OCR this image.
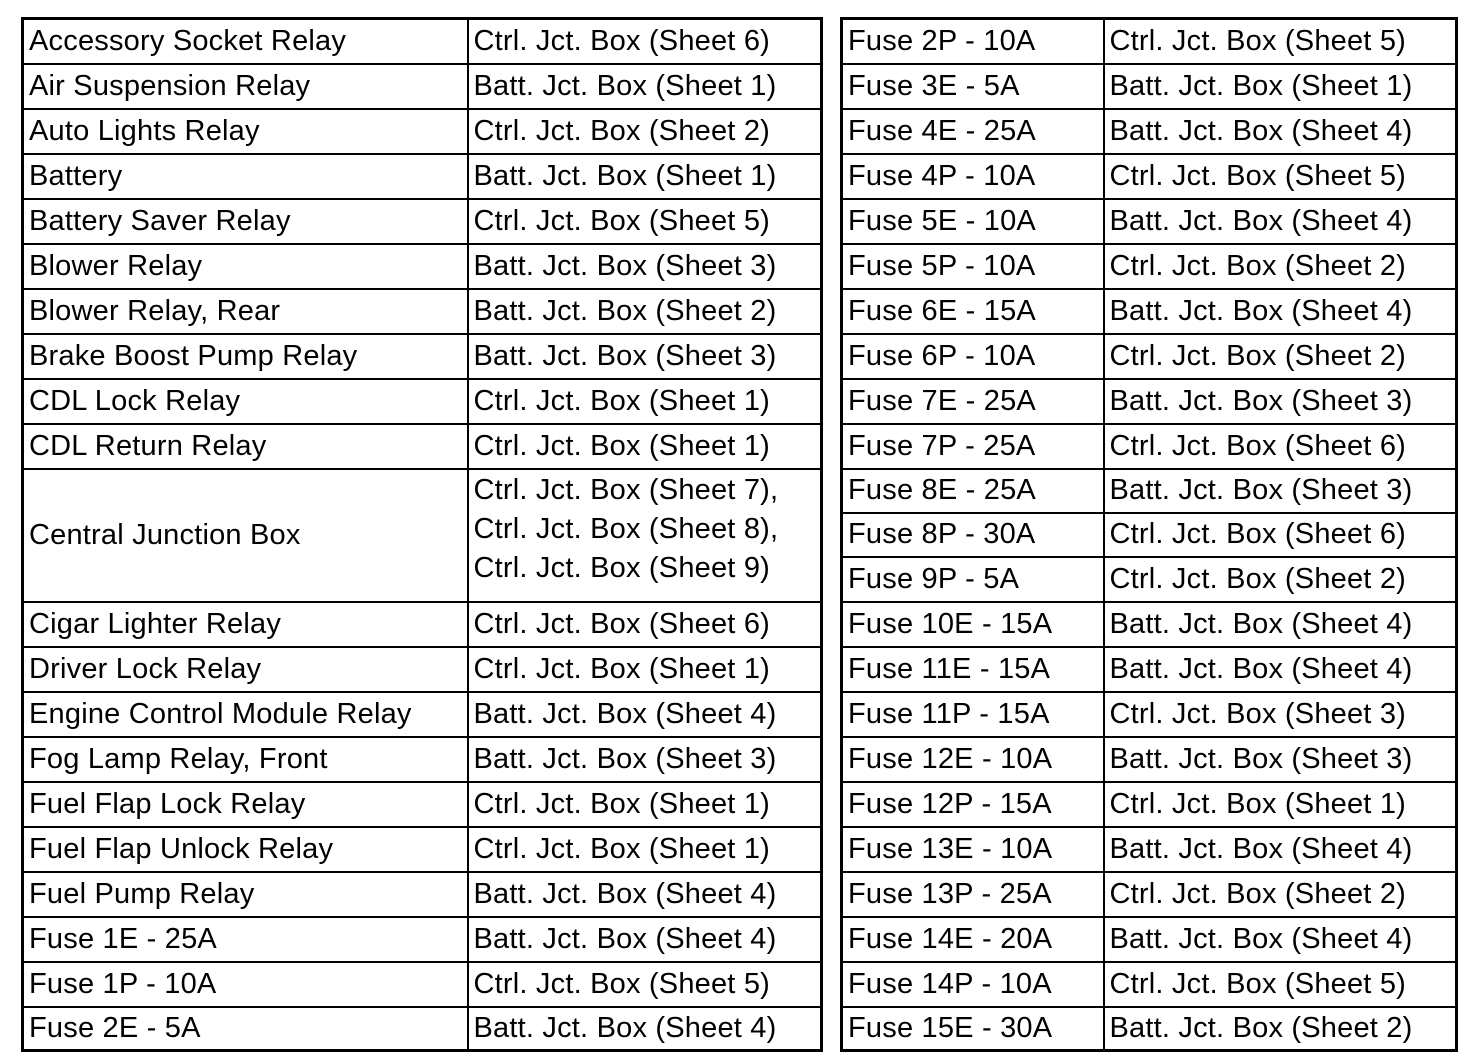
Accessory Socket Relay	Ctrl. Jct. Box (Sheet 6)
Air Suspension Relay	Batt. Jct. Box (Sheet 1)
Auto Lights Relay	Ctrl. Jct. Box (Sheet 2)
Battery	Batt. Jct. Box (Sheet 1)
Battery Saver Relay	Ctrl. Jct. Box (Sheet 5)
Blower Relay	Batt. Jct. Box (Sheet 3)
Blower Relay, Rear	Batt. Jct. Box (Sheet 2)
Brake Boost Pump Relay	Batt. Jct. Box (Sheet 3)
CDL Lock Relay	Ctrl. Jct. Box (Sheet 1)
CDL Return Relay	Ctrl. Jct. Box (Sheet 1)
Central Junction Box	Ctrl. Jct. Box (Sheet 7),
Ctrl. Jct. Box (Sheet 8),
Ctrl. Jct. Box (Sheet 9)
Cigar Lighter Relay	Ctrl. Jct. Box (Sheet 6)
Driver Lock Relay	Ctrl. Jct. Box (Sheet 1)
Engine Control Module Relay	Batt. Jct. Box (Sheet 4)
Fog Lamp Relay, Front	Batt. Jct. Box (Sheet 3)
Fuel Flap Lock Relay	Ctrl. Jct. Box (Sheet 1)
Fuel Flap Unlock Relay	Ctrl. Jct. Box (Sheet 1)
Fuel Pump Relay	Batt. Jct. Box (Sheet 4)
Fuse 1E - 25A	Batt. Jct. Box (Sheet 4)
Fuse 1P - 10A	Ctrl. Jct. Box (Sheet 5)
Fuse 2E - 5A	Batt. Jct. Box (Sheet 4)
Fuse 2P - 10A	Ctrl. Jct. Box (Sheet 5)
Fuse 3E - 5A	Batt. Jct. Box (Sheet 1)
Fuse 4E - 25A	Batt. Jct. Box (Sheet 4)
Fuse 4P - 10A	Ctrl. Jct. Box (Sheet 5)
Fuse 5E - 10A	Batt. Jct. Box (Sheet 4)
Fuse 5P - 10A	Ctrl. Jct. Box (Sheet 2)
Fuse 6E - 15A	Batt. Jct. Box (Sheet 4)
Fuse 6P - 10A	Ctrl. Jct. Box (Sheet 2)
Fuse 7E - 25A	Batt. Jct. Box (Sheet 3)
Fuse 7P - 25A	Ctrl. Jct. Box (Sheet 6)
Fuse 8E - 25A	Batt. Jct. Box (Sheet 3)
Fuse 8P - 30A	Ctrl. Jct. Box (Sheet 6)
Fuse 9P - 5A	Ctrl. Jct. Box (Sheet 2)
Fuse 10E - 15A	Batt. Jct. Box (Sheet 4)
Fuse 11E - 15A	Batt. Jct. Box (Sheet 4)
Fuse 11P - 15A	Ctrl. Jct. Box (Sheet 3)
Fuse 12E - 10A	Batt. Jct. Box (Sheet 3)
Fuse 12P - 15A	Ctrl. Jct. Box (Sheet 1)
Fuse 13E - 10A	Batt. Jct. Box (Sheet 4)
Fuse 13P - 25A	Ctrl. Jct. Box (Sheet 2)
Fuse 14E - 20A	Batt. Jct. Box (Sheet 4)
Fuse 14P - 10A	Ctrl. Jct. Box (Sheet 5)
Fuse 15E - 30A	Batt. Jct. Box (Sheet 2)
